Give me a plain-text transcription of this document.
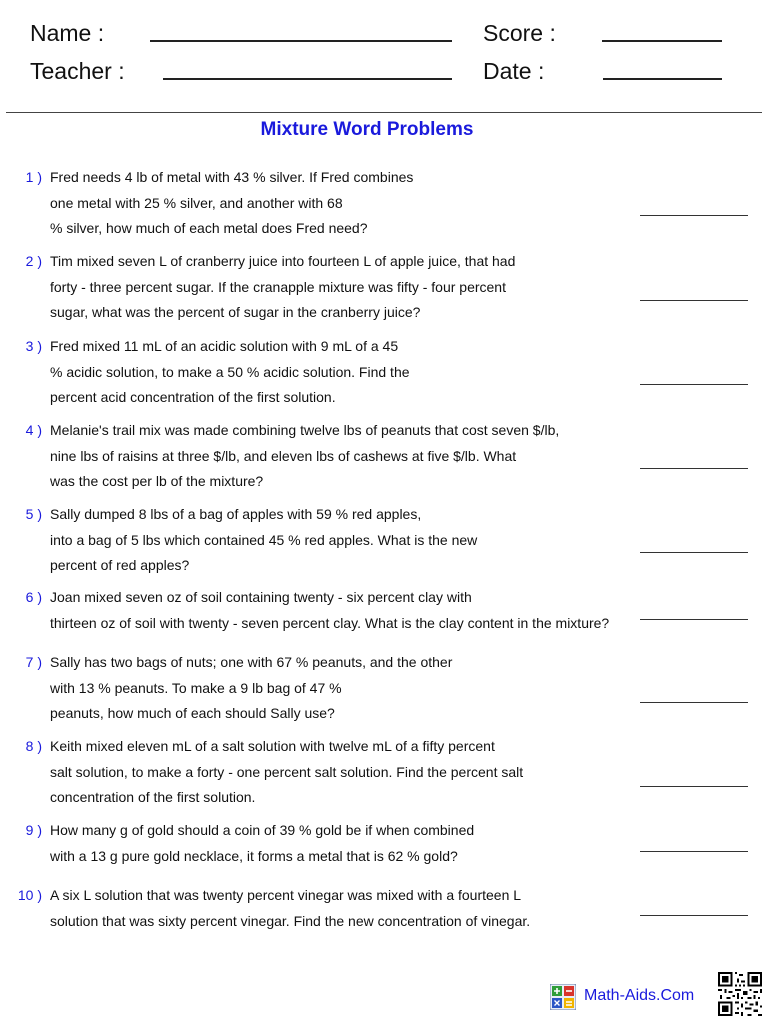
Name :	Score :
Teacher :	Date :
Mixture Word Problems
1 ) Fred needs 4 lb of metal with 43 % silver. If Fred combines
one metal with 25 % silver, and another with 68
% silver, how much of each metal does Fred need?
2 ) Tim mixed seven L of cranberry juice into fourteen L of apple juice, that had
forty - three percent sugar. If the cranapple mixture was fifty - four percent
sugar, what was the percent of sugar in the cranberry juice?
3 ) Fred mixed 11 mL of an acidic solution with 9 mL of a 45
% acidic solution, to make a 50 % acidic solution. Find the
percent acid concentration of the first solution.
4 ) Melanie's trail mix was made combining twelve lbs of peanuts that cost seven $/lb,
nine lbs of raisins at three $/lb, and eleven lbs of cashews at five $/lb. What
was the cost per lb of the mixture?
5 ) Sally dumped 8 lbs of a bag of apples with 59 % red apples,
into a bag of 5 lbs which contained 45 % red apples. What is the new
percent of red apples?
6 ) Joan mixed seven oz of soil containing twenty - six percent clay with
thirteen oz of soil with twenty - seven percent clay. What is the clay content in the mixture?
7 ) Sally has two bags of nuts; one with 67 % peanuts, and the other
with 13 % peanuts. To make a 9 lb bag of 47 %
peanuts, how much of each should Sally use?
8 ) Keith mixed eleven mL of a salt solution with twelve mL of a fifty percent
salt solution, to make a forty - one percent salt solution. Find the percent salt
concentration of the first solution.
9 ) How many g of gold should a coin of 39 % gold be if when combined
with a 13 g pure gold necklace, it forms a metal that is 62 % gold?
10 ) A six L solution that was twenty percent vinegar was mixed with a fourteen L
solution that was sixty percent vinegar. Find the new concentration of vinegar.
Math-Aids.Com
